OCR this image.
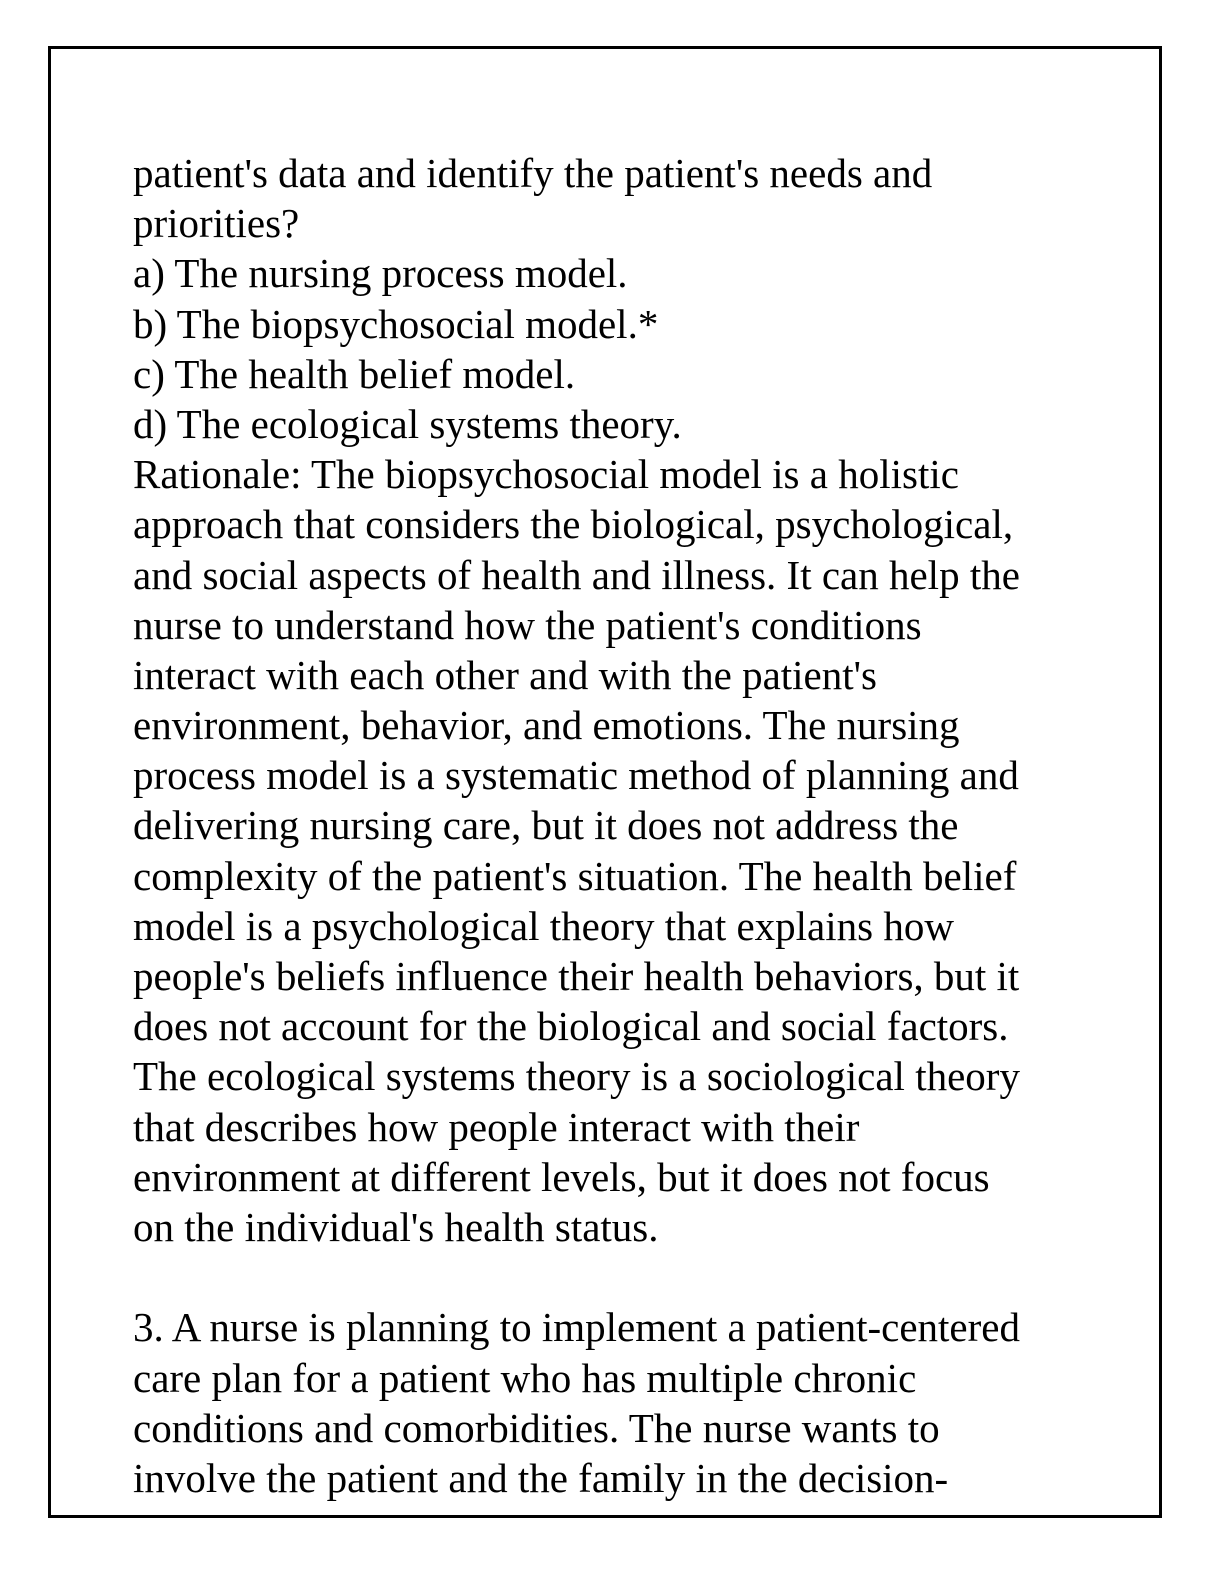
patient's data and identify the patient's needs and
priorities?
a) The nursing process model.
b) The biopsychosocial model.*
c) The health belief model.
d) The ecological systems theory.
Rationale: The biopsychosocial model is a holistic
approach that considers the biological, psychological,
and social aspects of health and illness. It can help the
nurse to understand how the patient's conditions
interact with each other and with the patient's
environment, behavior, and emotions. The nursing
process model is a systematic method of planning and
delivering nursing care, but it does not address the
complexity of the patient's situation. The health belief
model is a psychological theory that explains how
people's beliefs influence their health behaviors, but it
does not account for the biological and social factors.
The ecological systems theory is a sociological theory
that describes how people interact with their
environment at different levels, but it does not focus
on the individual's health status.
3. A nurse is planning to implement a patient-centered
care plan for a patient who has multiple chronic
conditions and comorbidities. The nurse wants to
involve the patient and the family in the decision-
